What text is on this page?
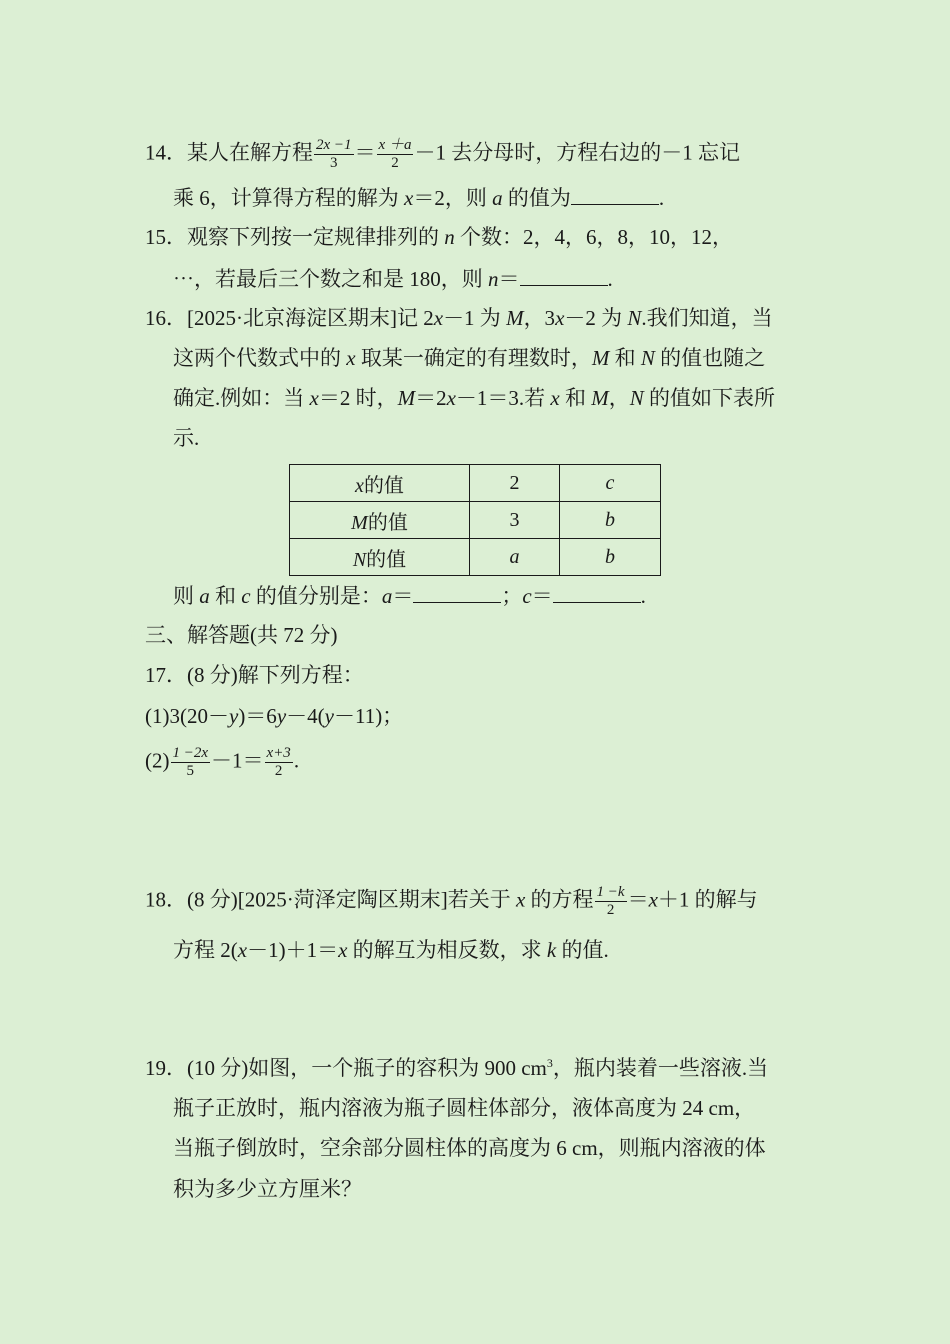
14．某人在解方程 $\frac{2x -1}{3} = \frac{x +a}{2} -1$ 去分母时，方程右边的－1 忘记
乘 6，计算得方程的解为 x＝2，则 a 的值为	.
15．观察下列按一定规律排列的 n 个数：2，4，6，8，10，12，
⋯，若最后三个数之和是 180，则 n＝	.
16．[2025·北京海淀区期末]记 2x－1 为 M，3x－2 为 N.我们知道，当
这两个代数式中的 x 取某一确定的有理数时，M 和 N 的值也随之
确定.例如：当 x＝2 时，M＝2x－1＝3.若 x 和 M，N 的值如下表所
示.
x的值	2	c
M的值	3	b
N的值	a	b
则 a 和 c 的值分别是：a＝	；c＝	.
三、解答题(共 72 分)
17．(8 分)解下列方程：
(1)3(20－y)＝6y－4(y－11)；
$(2) \frac{1 -2x}{5} -1= \frac{x+3}{2}$ .
18．(8 分)[2025·菏泽定陶区期末]若关于 x 的方程 $\frac{1 -k}{2} =x+1$ 的解与
方程 2(x－1)＋1＝x 的解互为相反数，求 k 的值.
19．(10 分)如图，一个瓶子的容积为 900 $cm^3$，瓶内装着一些溶液.当
瓶子正放时，瓶内溶液为瓶子圆柱体部分，液体高度为 24 cm，
当瓶子倒放时，空余部分圆柱体的高度为 6 cm，则瓶内溶液的体
积为多少立方厘米？
